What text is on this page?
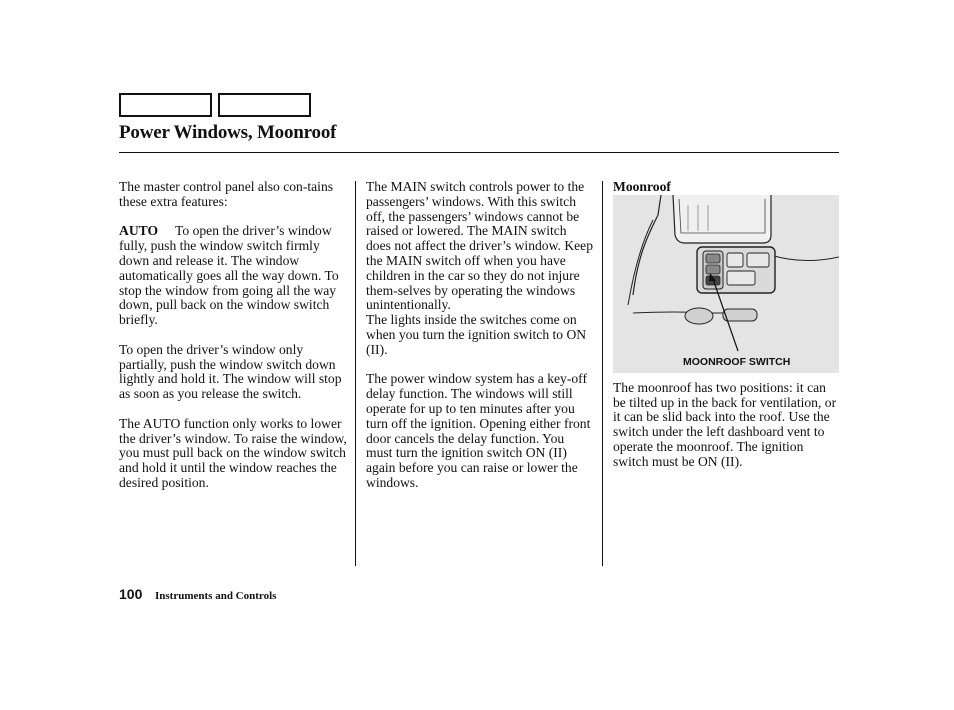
Power Windows, Moonroof

The master control panel also con-tains these extra features:

AUTO To open the driver’s window fully, push the window switch firmly down and release it. The window automatically goes all the way down. To stop the window from going all the way down, pull back on the window switch briefly.

To open the driver’s window only partially, push the window switch down lightly and hold it. The window will stop as soon as you release the switch.

The AUTO function only works to lower the driver’s window. To raise the window, you must pull back on the window switch and hold it until the window reaches the desired position.

The MAIN switch controls power to the passengers’ windows. With this switch off, the passengers’ windows cannot be raised or lowered. The MAIN switch does not affect the driver’s window. Keep the MAIN switch off when you have children in the car so they do not injure them-selves by operating the windows unintentionally.

The lights inside the switches come on when you turn the ignition switch to ON (II).

The power window system has a key-off delay function. The windows will still operate for up to ten minutes after you turn off the ignition. Opening either front door cancels the delay function. You must turn the ignition switch ON (II) again before you can raise or lower the windows.

Moonroof

MOONROOF SWITCH

The moonroof has two positions: it can be tilted up in the back for ventilation, or it can be slid back into the roof. Use the switch under the left dashboard vent to operate the moonroof. The ignition switch must be ON (II).

100 Instruments and Controls
